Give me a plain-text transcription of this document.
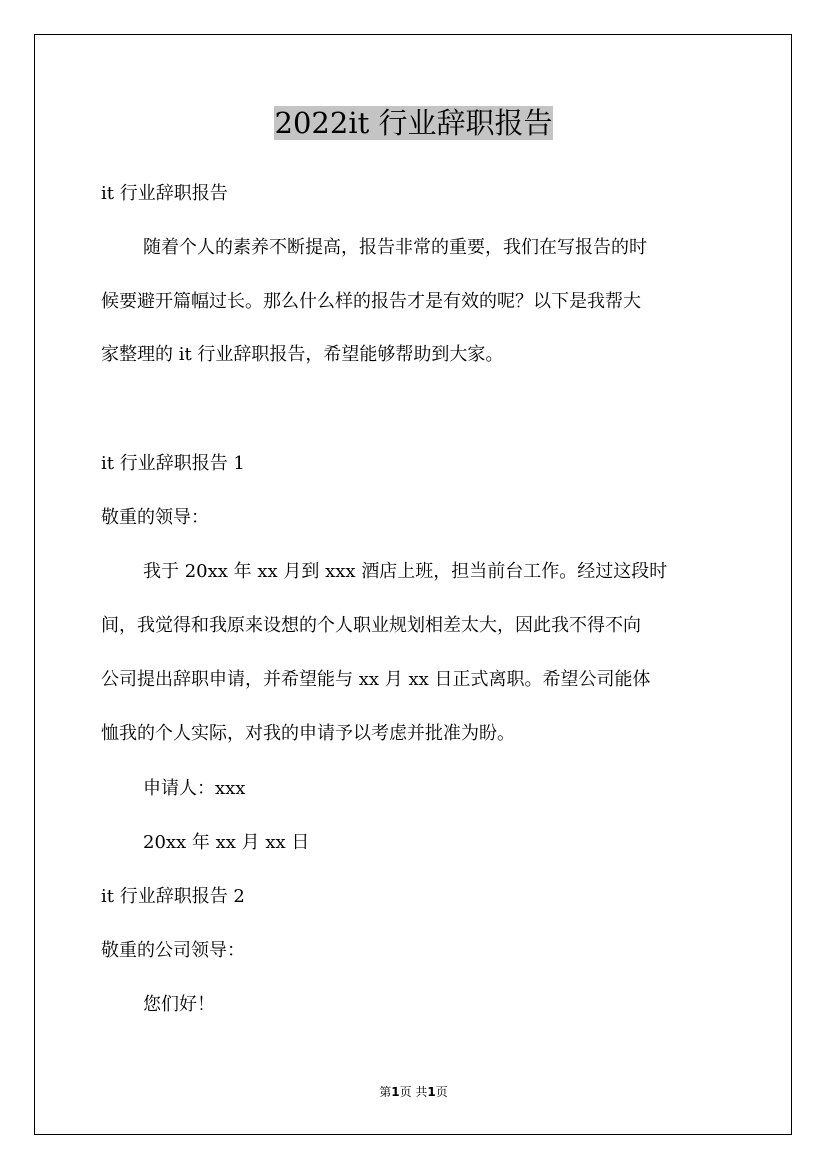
2022it 行业辞职报告
it 行业辞职报告
随着个人的素养不断提高，报告非常的重要，我们在写报告的时
候要避开篇幅过长。那么什么样的报告才是有效的呢？以下是我帮大
家整理的 it 行业辞职报告，希望能够帮助到大家。
it 行业辞职报告 1
敬重的领导：
我于 20xx 年 xx 月到 xxx 酒店上班，担当前台工作。经过这段时
间，我觉得和我原来设想的个人职业规划相差太大，因此我不得不向
公司提出辞职申请，并希望能与 xx 月 xx 日正式离职。希望公司能体
恤我的个人实际，对我的申请予以考虑并批准为盼。
申请人：xxx
20xx 年 xx 月 xx 日
it 行业辞职报告 2
敬重的公司领导：
您们好！
第1页 共1页
